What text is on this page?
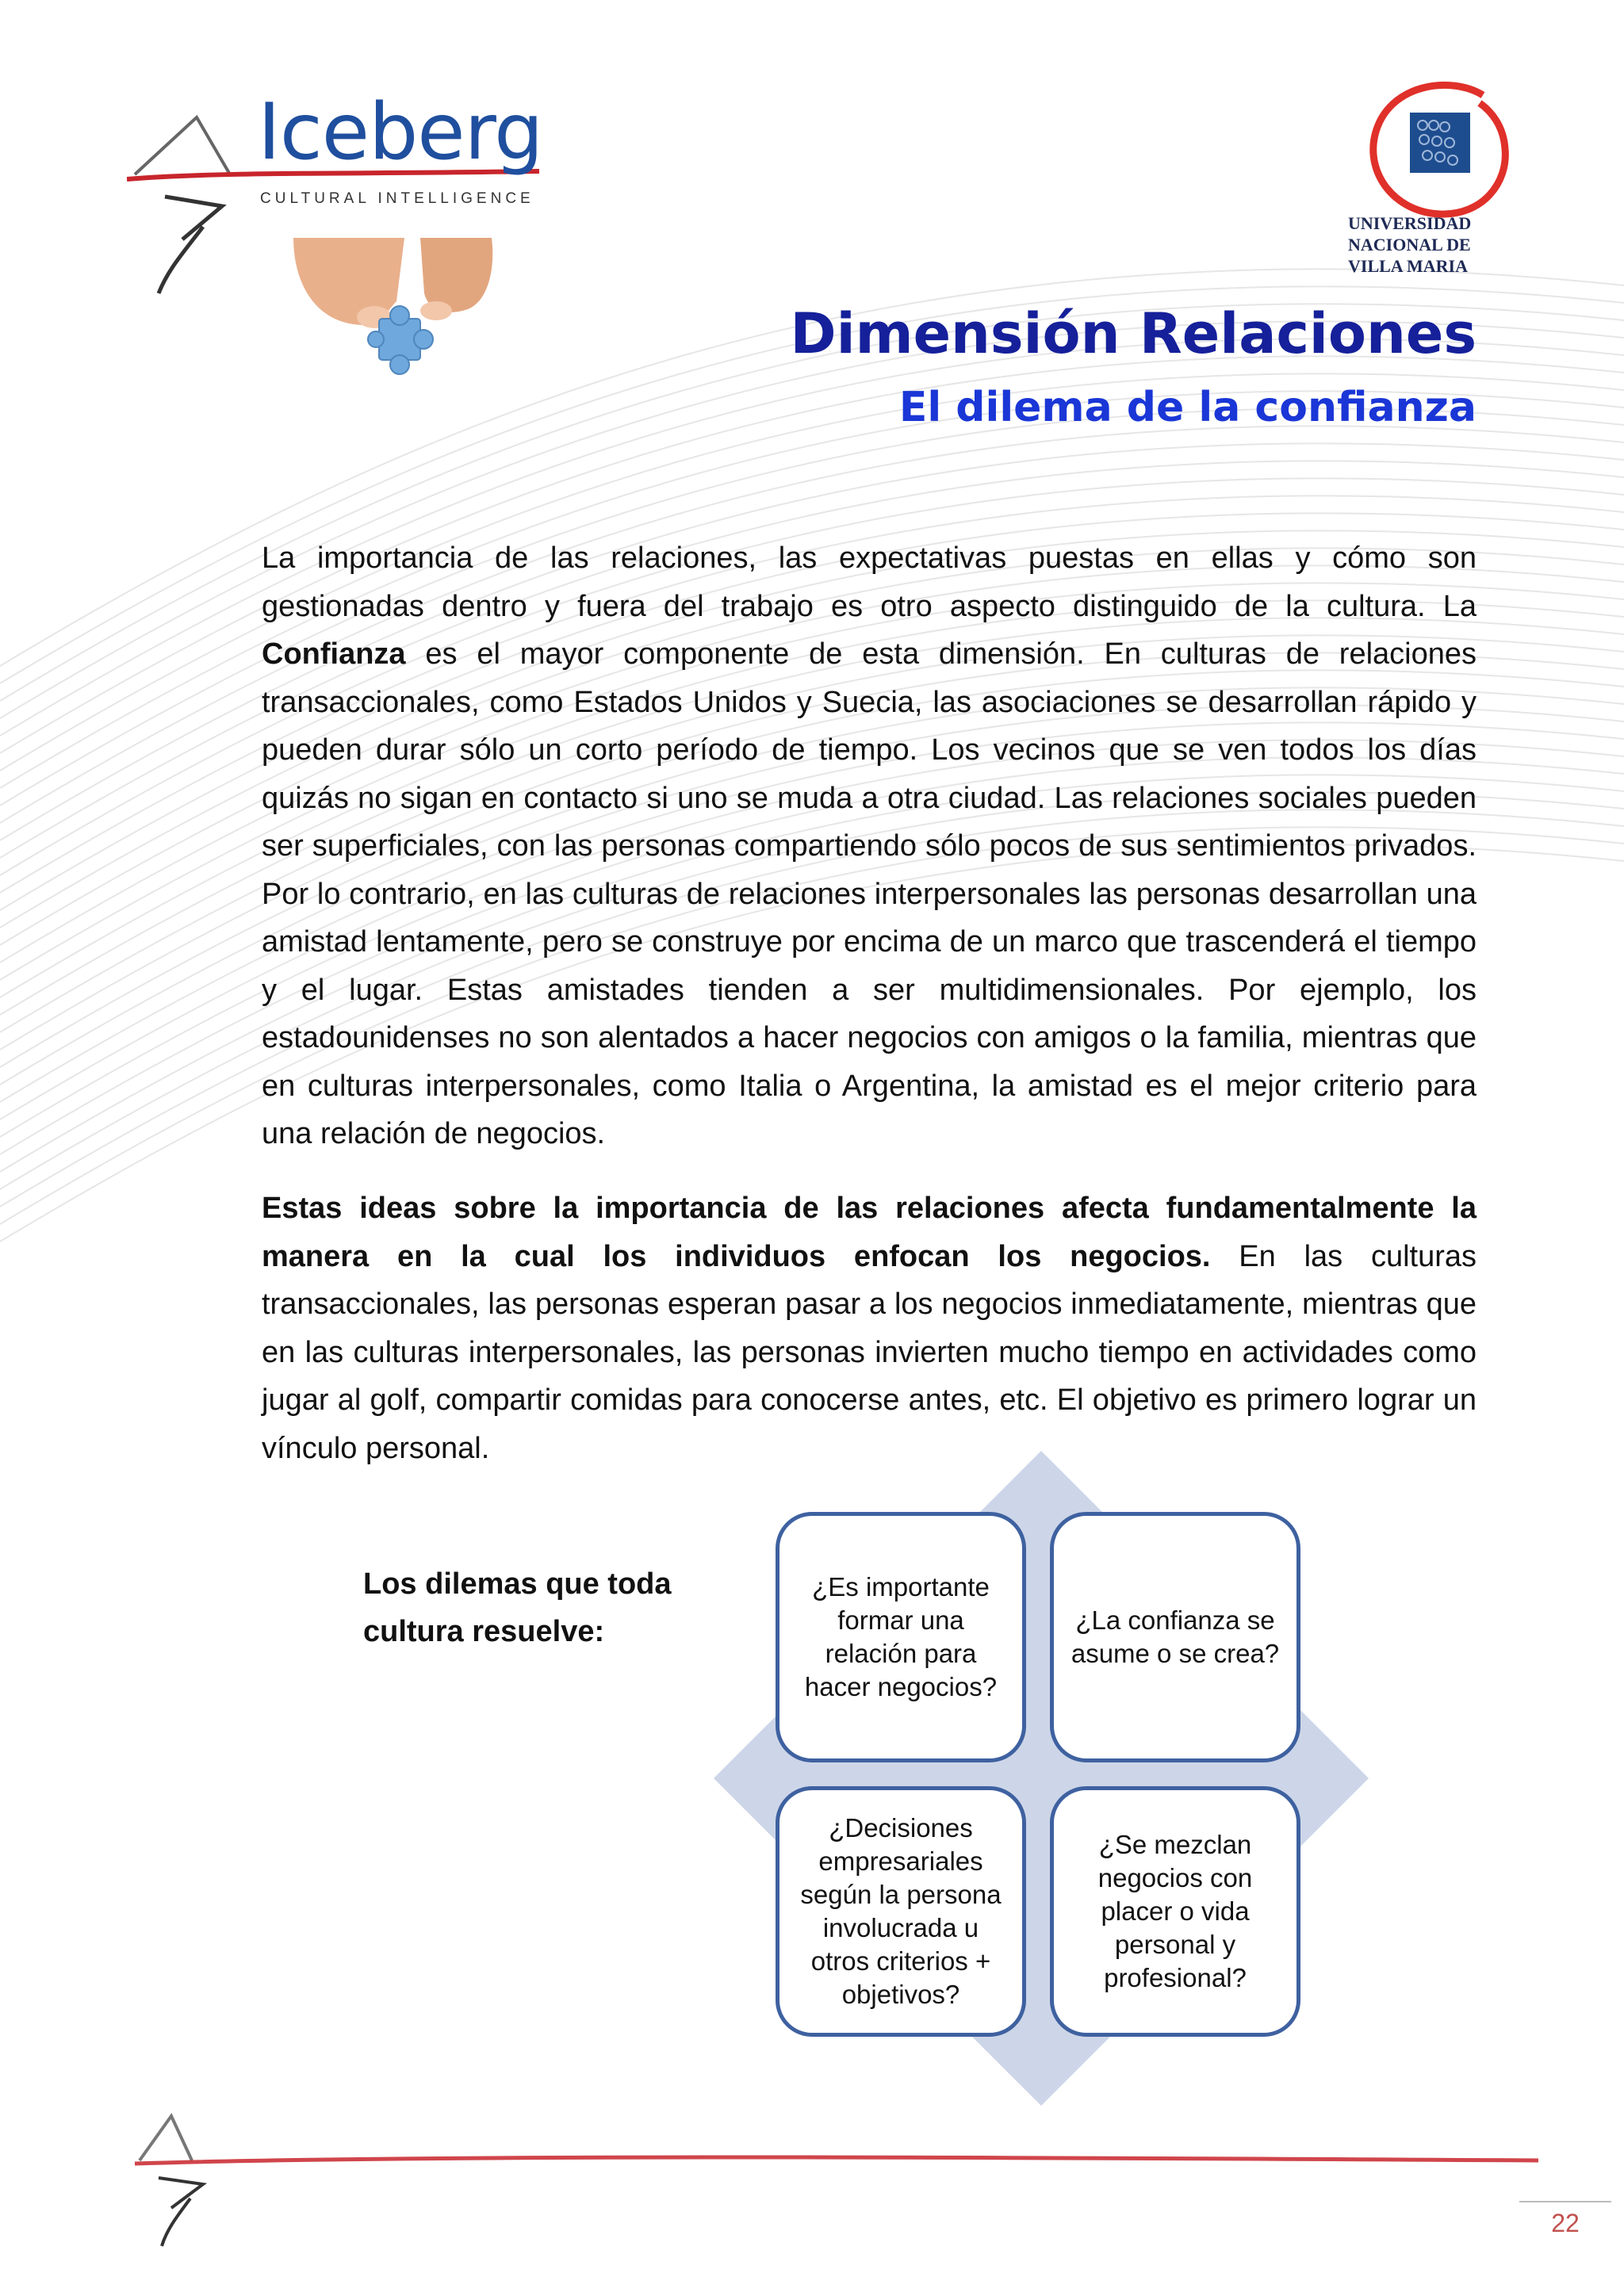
Iceberg
CULTURAL INTELLIGENCE
UNIVERSIDAD
NACIONAL DE
VILLA MARIA
Dimensión Relaciones
El dilema de la confianza
La importancia de las relaciones, las expectativas puestas en ellas y cómo son gestionadas dentro y fuera del trabajo es otro aspecto distinguido de la cultura. La Confianza es el mayor componente de esta dimensión. En culturas de relaciones transaccionales, como Estados Unidos y Suecia, las asociaciones se desarrollan rápido y pueden durar sólo un corto período de tiempo. Los vecinos que se ven todos los días quizás no sigan en contacto si uno se muda a otra ciudad. Las relaciones sociales pueden ser superficiales, con las personas compartiendo sólo pocos de sus sentimientos privados. Por lo contrario, en las culturas de relaciones interpersonales las personas desarrollan una amistad lentamente, pero se construye por encima de un marco que trascenderá el tiempo y el lugar. Estas amistades tienden a ser multidimensionales. Por ejemplo, los estadounidenses no son alentados a hacer negocios con amigos o la familia, mientras que en culturas interpersonales, como Italia o Argentina, la amistad es el mejor criterio para una relación de negocios.
Estas ideas sobre la importancia de las relaciones afecta fundamentalmente la manera en la cual los individuos enfocan los negocios. En las culturas transaccionales, las personas esperan pasar a los negocios inmediatamente, mientras que en las culturas interpersonales, las personas invierten mucho tiempo en actividades como jugar al golf, compartir comidas para conocerse antes, etc. El objetivo es primero lograr un vínculo personal.
Los dilemas que toda cultura resuelve:
¿Es importante formar una relación para hacer negocios?
¿La confianza se asume o se crea?
¿Decisiones empresariales según la persona involucrada u otros criterios + objetivos?
¿Se mezclan negocios con placer o vida personal y profesional?
22
